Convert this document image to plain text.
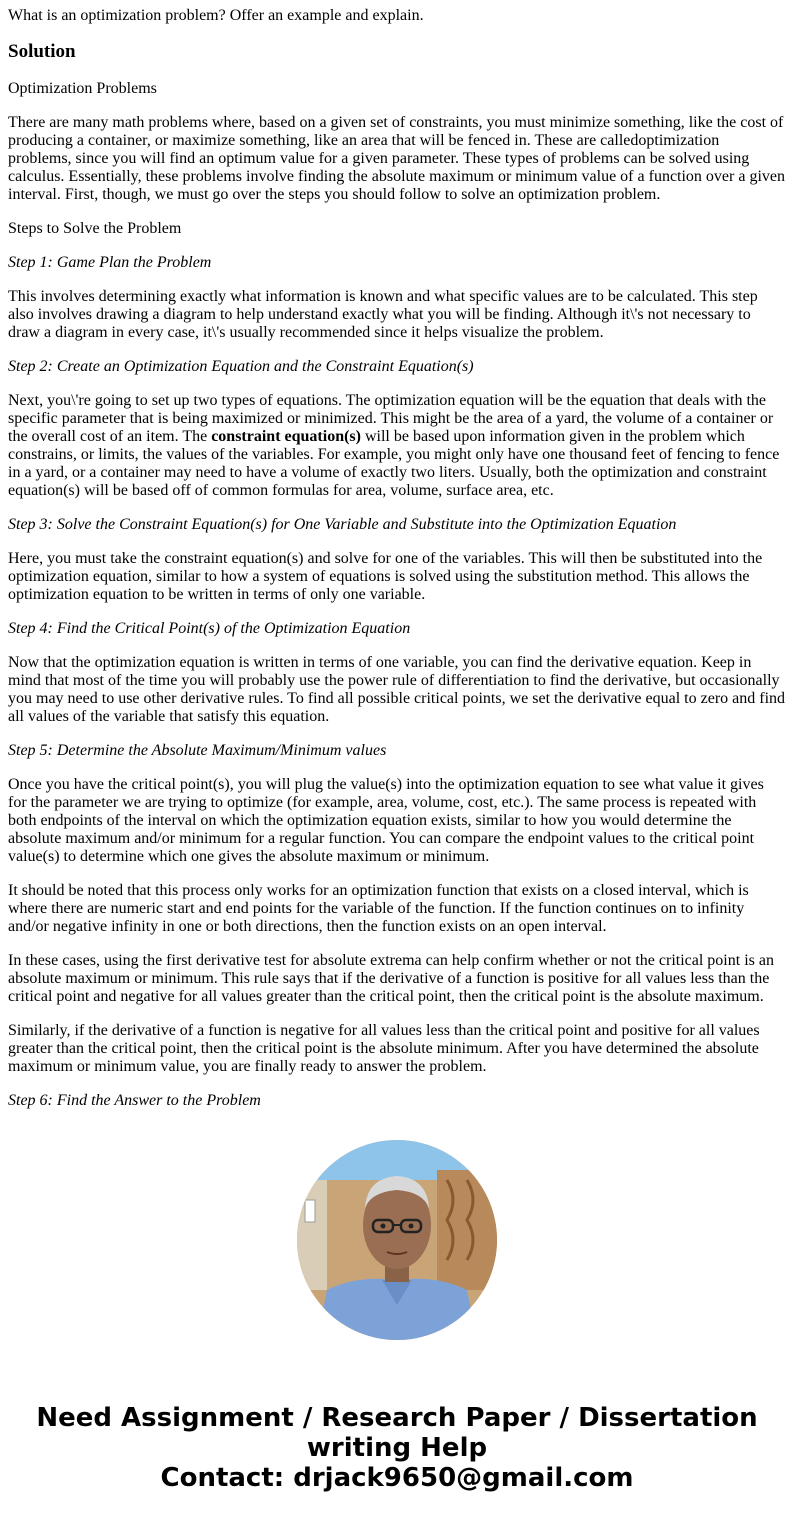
What is an optimization problem? Offer an example and explain.
Solution

Optimization Problems

There are many math problems where, based on a given set of constraints, you must minimize something, like the cost of producing a container, or maximize something, like an area that will be fenced in. These are calledoptimization problems, since you will find an optimum value for a given parameter. These types of problems can be solved using calculus. Essentially, these problems involve finding the absolute maximum or minimum value of a function over a given interval. First, though, we must go over the steps you should follow to solve an optimization problem.

Steps to Solve the Problem

Step 1: Game Plan the Problem

This involves determining exactly what information is known and what specific values are to be calculated. This step also involves drawing a diagram to help understand exactly what you will be finding. Although it\'s not necessary to draw a diagram in every case, it\'s usually recommended since it helps visualize the problem.

Step 2: Create an Optimization Equation and the Constraint Equation(s)

Next, you\'re going to set up two types of equations. The optimization equation will be the equation that deals with the specific parameter that is being maximized or minimized. This might be the area of a yard, the volume of a container or the overall cost of an item. The constraint equation(s) will be based upon information given in the problem which constrains, or limits, the values of the variables. For example, you might only have one thousand feet of fencing to fence in a yard, or a container may need to have a volume of exactly two liters. Usually, both the optimization and constraint equation(s) will be based off of common formulas for area, volume, surface area, etc.

Step 3: Solve the Constraint Equation(s) for One Variable and Substitute into the Optimization Equation

Here, you must take the constraint equation(s) and solve for one of the variables. This will then be substituted into the optimization equation, similar to how a system of equations is solved using the substitution method. This allows the optimization equation to be written in terms of only one variable.

Step 4: Find the Critical Point(s) of the Optimization Equation

Now that the optimization equation is written in terms of one variable, you can find the derivative equation. Keep in mind that most of the time you will probably use the power rule of differentiation to find the derivative, but occasionally you may need to use other derivative rules. To find all possible critical points, we set the derivative equal to zero and find all values of the variable that satisfy this equation.

Step 5: Determine the Absolute Maximum/Minimum values

Once you have the critical point(s), you will plug the value(s) into the optimization equation to see what value it gives for the parameter we are trying to optimize (for example, area, volume, cost, etc.). The same process is repeated with both endpoints of the interval on which the optimization equation exists, similar to how you would determine the absolute maximum and/or minimum for a regular function. You can compare the endpoint values to the critical point value(s) to determine which one gives the absolute maximum or minimum.

It should be noted that this process only works for an optimization function that exists on a closed interval, which is where there are numeric start and end points for the variable of the function. If the function continues on to infinity and/or negative infinity in one or both directions, then the function exists on an open interval.

In these cases, using the first derivative test for absolute extrema can help confirm whether or not the critical point is an absolute maximum or minimum. This rule says that if the derivative of a function is positive for all values less than the critical point and negative for all values greater than the critical point, then the critical point is the absolute maximum.

Similarly, if the derivative of a function is negative for all values less than the critical point and positive for all values greater than the critical point, then the critical point is the absolute minimum. After you have determined the absolute maximum or minimum value, you are finally ready to answer the problem.

Step 6: Find the Answer to the Problem

Need Assignment / Research Paper / Dissertation
writing Help
Contact: drjack9650@gmail.com
